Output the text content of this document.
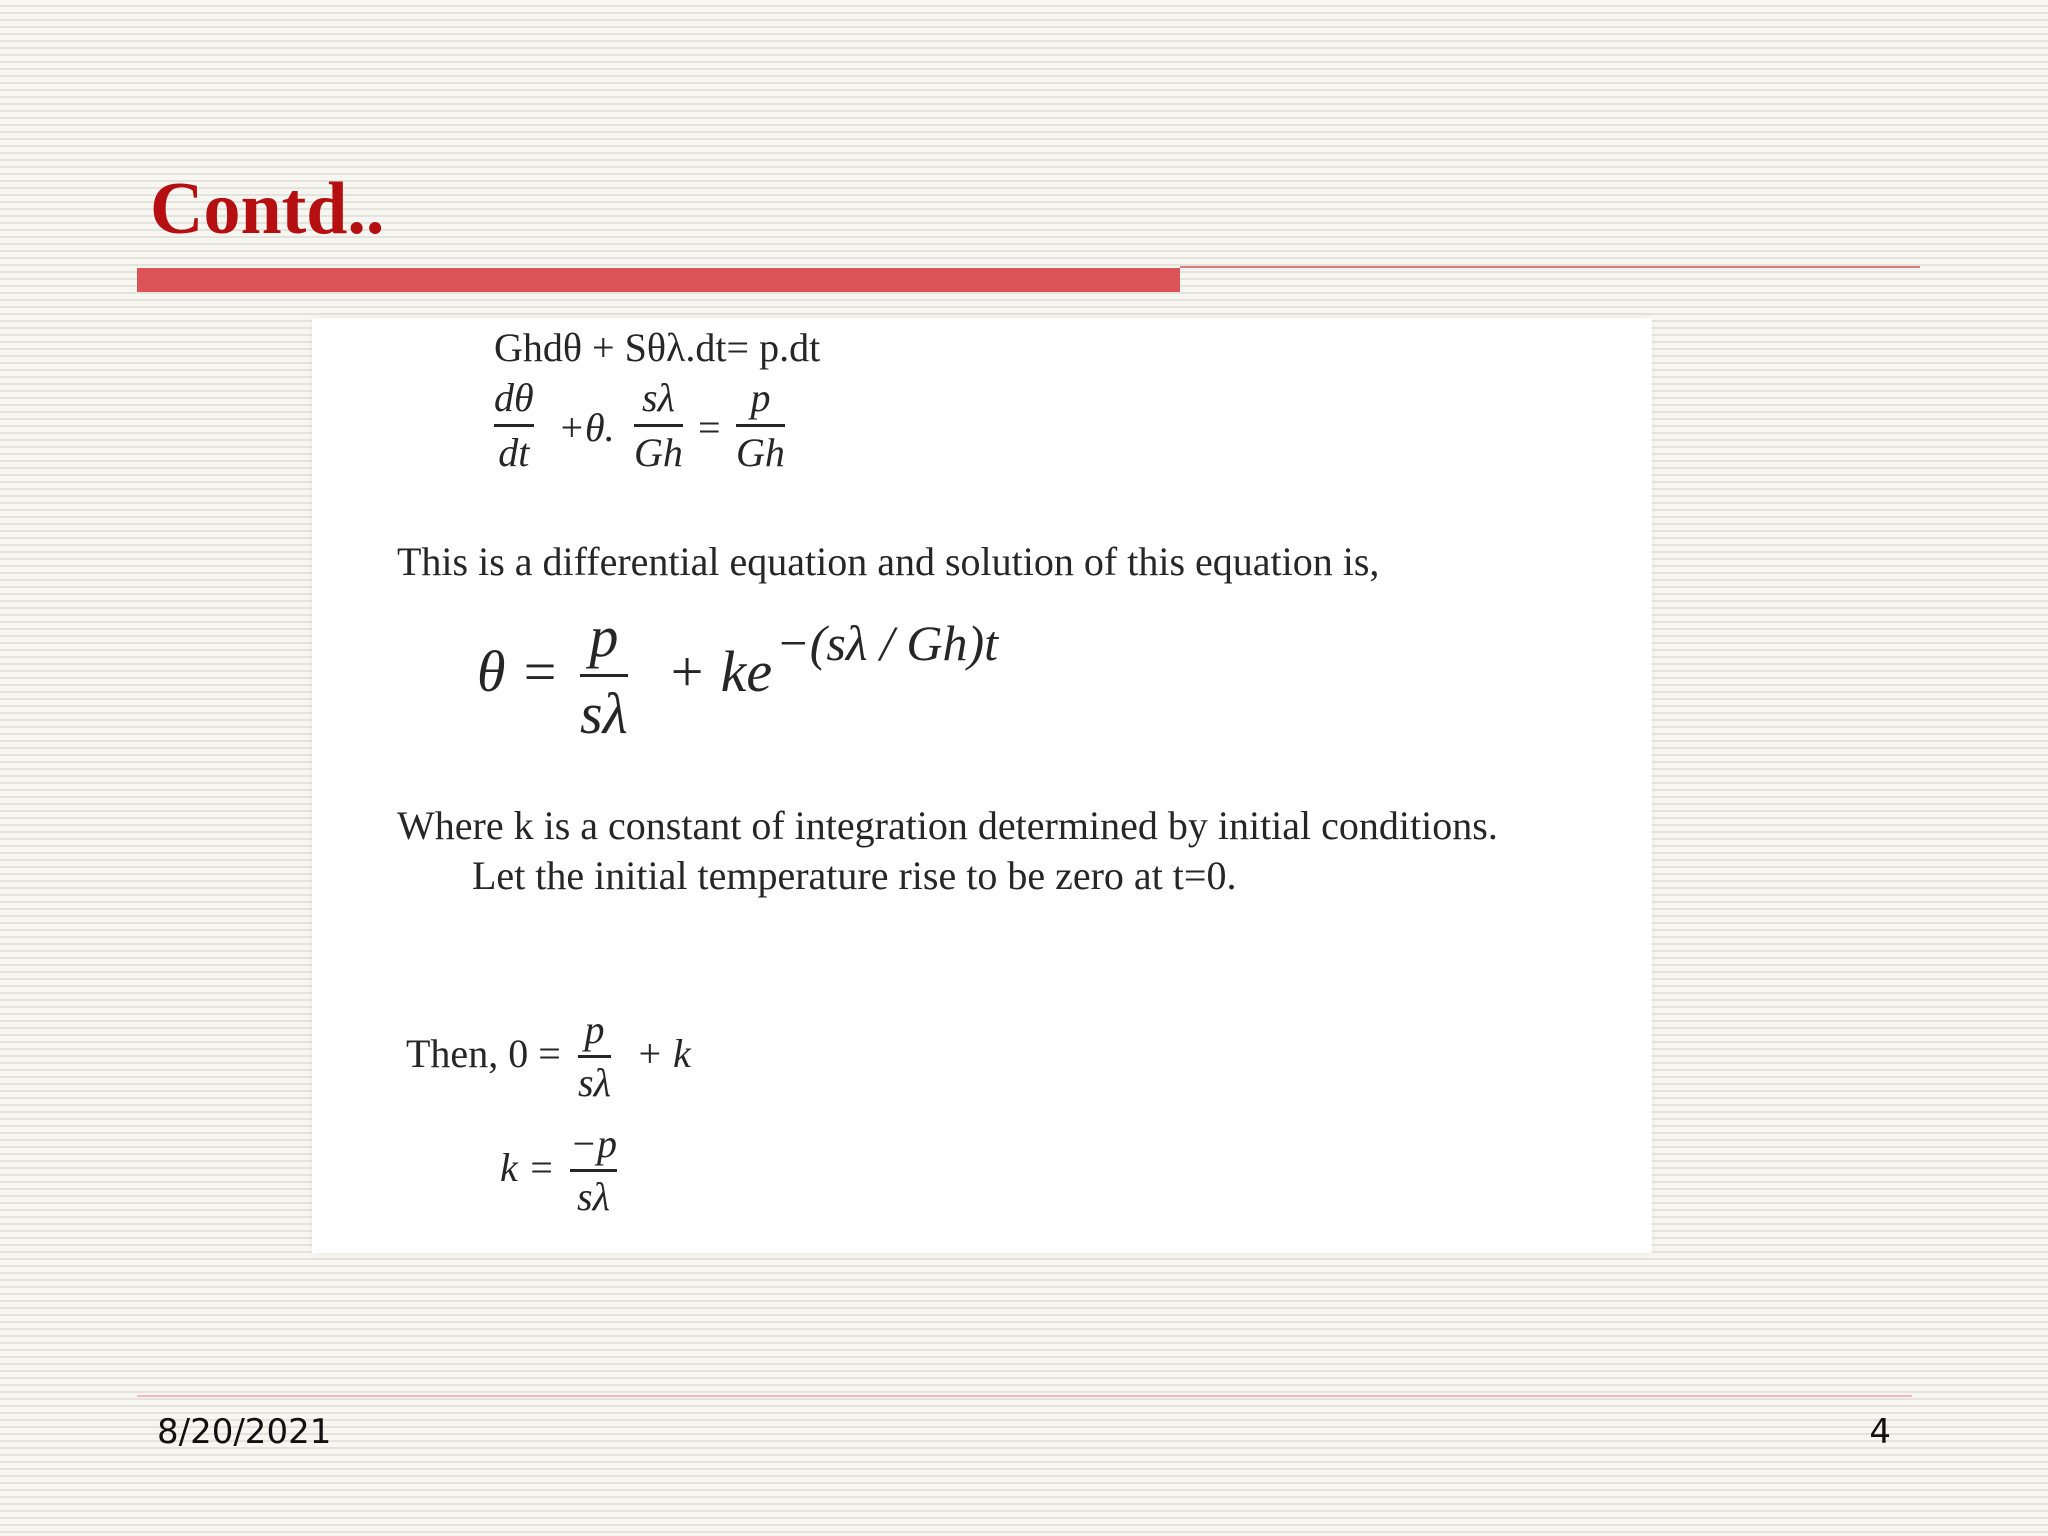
Contd..
Ghdθ + Sθλ.dt= p.dt
dθ
dt
+θ.
sλ
Gh
=
p
Gh
This is a differential equation and solution of this equation is,
θ =
p
sλ
+ ke −(sλ / Gh)t
Where k is a constant of integration determined by initial conditions.
Let the initial temperature rise to be zero at t=0.
Then, 0 =
p
sλ
+ k
k =
−p
sλ
8/20/2021	4
